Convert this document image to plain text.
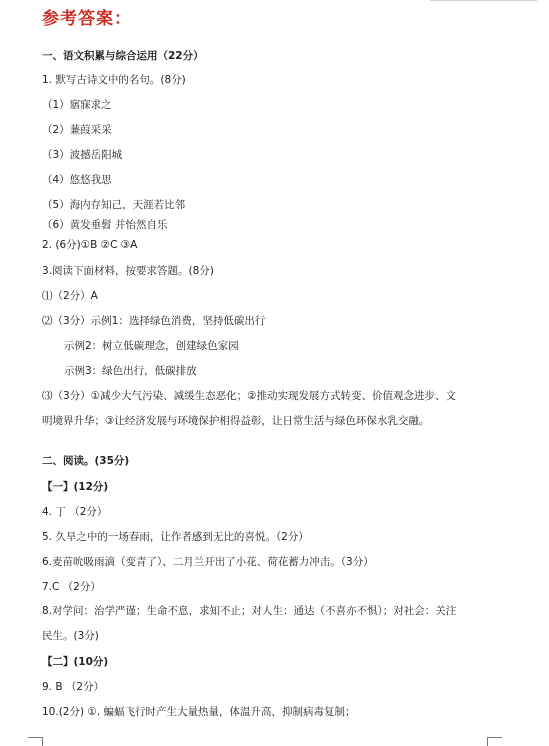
参考答案：
一、语文积累与综合运用（22分）
1. 默写古诗文中的名句。(8分)
（1）寤寐求之
（2）蒹葭采采
（3）波撼岳阳城
（4）悠悠我思
（5）海内存知己，天涯若比邻
（6）黄发垂髫 并怡然自乐
2. (6分)①B ②C ③A
3.阅读下面材料，按要求答题。(8分)
⑴（2分）A
⑵（3分）示例1：选择绿色消费，坚持低碳出行
示例2：树立低碳理念，创建绿色家园
示例3：绿色出行，低碳排放
⑶（3分）①减少大气污染、减缓生态恶化；②推动实现发展方式转变、价值观念进步、文
明境界升华；③让经济发展与环境保护相得益彰，让日常生活与绿色环保水乳交融。
二、阅读。(35分)
【一】(12分)
4. 丁 （2分）
5. 久旱之中的一场春雨，让作者感到无比的喜悦。（2分）
6.麦苗吮吸雨滴（变青了）、二月兰开出了小花、荷花蓄力冲击。（3分）
7.C （2分）
8.对学问：治学严谨；生命不息，求知不止；对人生：通达（不喜亦不惧）；对社会：关注
民生。(3分)
【二】(10分)
9. B （2分）
10.(2分) ①. 蝙蝠飞行时产生大量热量，体温升高，抑制病毒复制；
